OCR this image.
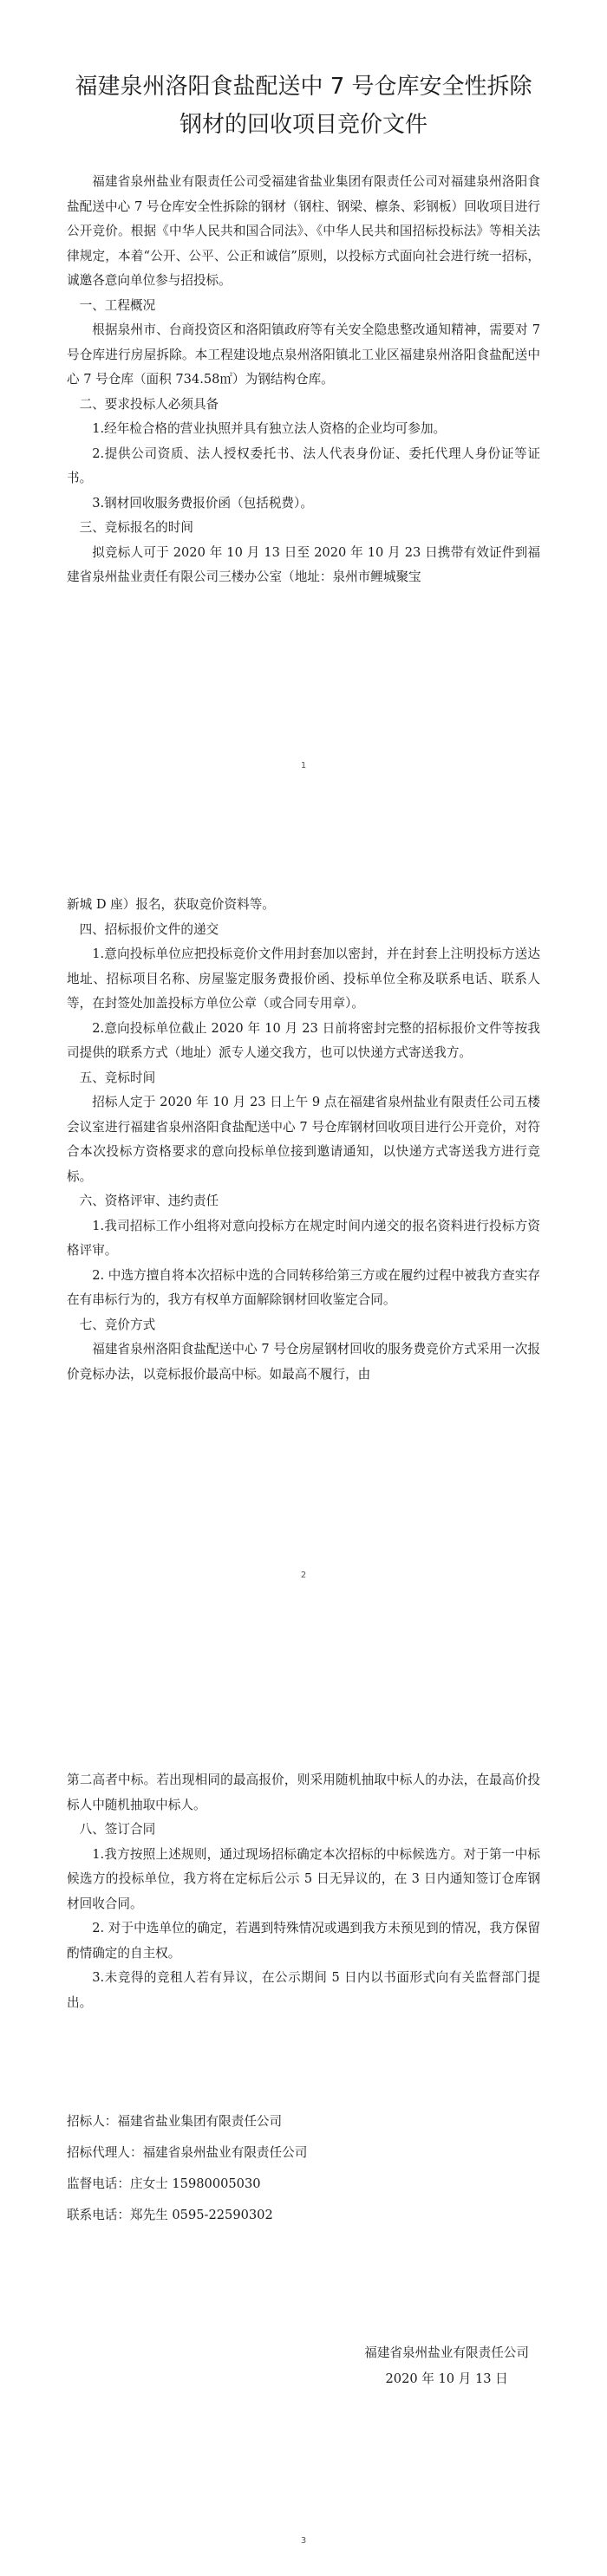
福建泉州洛阳食盐配送中 7 号仓库安全性拆除
钢材的回收项目竞价文件

福建省泉州盐业有限责任公司受福建省盐业集团有限责任公司对福建泉州洛阳食盐配送中心 7 号仓库安全性拆除的钢材（钢柱、钢梁、檩条、彩钢板）回收项目进行公开竞价。根据《中华人民共和国合同法》、《中华人民共和国招标投标法》等相关法律规定，本着“公开、公平、公正和诚信”原则，以投标方式面向社会进行统一招标，诚邀各意向单位参与招投标。

一、工程概况

根据泉州市、台商投资区和洛阳镇政府等有关安全隐患整改通知精神，需要对 7 号仓库进行房屋拆除。本工程建设地点泉州洛阳镇北工业区福建泉州洛阳食盐配送中心 7 号仓库（面积 734.58㎡）为钢结构仓库。

二、要求投标人必须具备

1.经年检合格的营业执照并具有独立法人资格的企业均可参加。

2.提供公司资质、法人授权委托书、法人代表身份证、委托代理人身份证等证书。

3.钢材回收服务费报价函（包括税费）。

三、竞标报名的时间

拟竞标人可于 2020 年 10 月 13 日至 2020 年 10 月 23 日携带有效证件到福建省泉州盐业责任有限公司三楼办公室（地址：泉州市鲤城聚宝

1

新城 D 座）报名，获取竞价资料等。

四、招标报价文件的递交

1.意向投标单位应把投标竞价文件用封套加以密封，并在封套上注明投标方送达地址、招标项目名称、房屋鉴定服务费报价函、投标单位全称及联系电话、联系人等，在封签处加盖投标方单位公章（或合同专用章）。

2.意向投标单位截止 2020 年 10 月 23 日前将密封完整的招标报价文件等按我司提供的联系方式（地址）派专人递交我方，也可以快递方式寄送我方。

五、竞标时间

招标人定于 2020 年 10 月 23 日上午 9 点在福建省泉州盐业有限责任公司五楼会议室进行福建省泉州洛阳食盐配送中心 7 号仓库钢材回收项目进行公开竞价，对符合本次投标方资格要求的意向投标单位接到邀请通知，以快递方式寄送我方进行竞标。

六、资格评审、违约责任

1.我司招标工作小组将对意向投标方在规定时间内递交的报名资料进行投标方资格评审。

2. 中选方擅自将本次招标中选的合同转移给第三方或在履约过程中被我方查实存在有串标行为的，我方有权单方面解除钢材回收鉴定合同。

七、竞价方式

福建省泉州洛阳食盐配送中心 7 号仓房屋钢材回收的服务费竞价方式采用一次报价竞标办法，以竞标报价最高中标。如最高不履行，由

2

第二高者中标。若出现相同的最高报价，则采用随机抽取中标人的办法，在最高价投标人中随机抽取中标人。

八、签订合同

1.我方按照上述规则，通过现场招标确定本次招标的中标候选方。对于第一中标候选方的投标单位，我方将在定标后公示 5 日无异议的，在 3 日内通知签订仓库钢材回收合同。

2. 对于中选单位的确定，若遇到特殊情况或遇到我方未预见到的情况，我方保留酌情确定的自主权。

3.未竞得的竞租人若有异议，在公示期间 5 日内以书面形式向有关监督部门提出。

招标人：福建省盐业集团有限责任公司

招标代理人：福建省泉州盐业有限责任公司

监督电话：庄女士 15980005030

联系电话：郑先生 0595-22590302

福建省泉州盐业有限责任公司
2020 年 10 月 13 日
3
